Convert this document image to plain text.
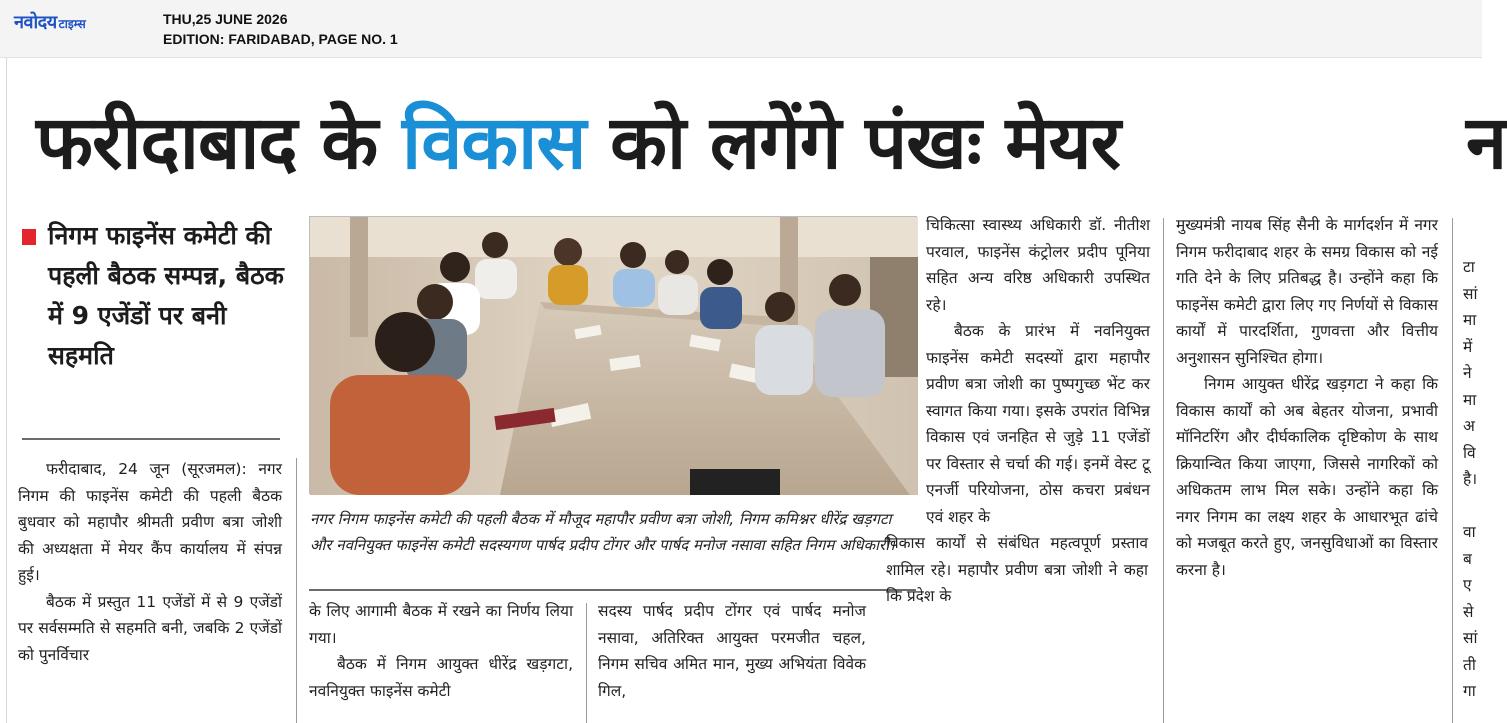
नवोदय टाइम्स	THU,25 JUNE 2026
EDITION: FARIDABAD, PAGE NO. 1
फरीदाबाद के विकास को लगेंगे पंखः मेयर	न
निगम फाइनेंस कमेटी की पहली बैठक सम्पन्न, बैठक में 9 एजेंडों पर बनी सहमति

फरीदाबाद, 24 जून (सूरजमल): नगर निगम की फाइनेंस कमेटी की पहली बैठक बुधवार को महापौर श्रीमती प्रवीण बत्रा जोशी की अध्यक्षता में मेयर कैंप कार्यालय में संपन्न हुई।

बैठक में प्रस्तुत 11 एजेंडों में से 9 एजेंडों पर सर्वसम्मति से सहमति बनी, जबकि 2 एजेंडों को पुनर्विचार

नगर निगम फाइनेंस कमेटी की पहली बैठक में मौजूद महापौर प्रवीण बत्रा जोशी, निगम कमिश्नर धीरेंद्र खड़गटा और नवनियुक्त फाइनेंस कमेटी सदस्यगण पार्षद प्रदीप टोंगर और पार्षद मनोज नसावा सहित निगम अधिकारी।

के लिए आगामी बैठक में रखने का निर्णय लिया गया।

बैठक में निगम आयुक्त धीरेंद्र खड़गटा, नवनियुक्त फाइनेंस कमेटी

सदस्य पार्षद प्रदीप टोंगर एवं पार्षद मनोज नसावा, अतिरिक्त आयुक्त परमजीत चहल, निगम सचिव अमित मान, मुख्य अभियंता विवेक गिल,

चिकित्सा स्वास्थ्य अधिकारी डॉ. नीतीश परवाल, फाइनेंस कंट्रोलर प्रदीप पूनिया सहित अन्य वरिष्ठ अधिकारी उपस्थित रहे।

बैठक के प्रारंभ में नवनियुक्त फाइनेंस कमेटी सदस्यों द्वारा महापौर प्रवीण बत्रा जोशी का पुष्पगुच्छ भेंट कर स्वागत किया गया। इसके उपरांत विभिन्न विकास एवं जनहित से जुड़े 11 एजेंडों पर विस्तार से चर्चा की गई। इनमें वेस्ट टू एनर्जी परियोजना, ठोस कचरा प्रबंधन एवं शहर के

विकास कार्यों से संबंधित महत्वपूर्ण प्रस्ताव शामिल रहे। महापौर प्रवीण बत्रा जोशी ने कहा कि प्रदेश के

मुख्यमंत्री नायब सिंह सैनी के मार्गदर्शन में नगर निगम फरीदाबाद शहर के समग्र विकास को नई गति देने के लिए प्रतिबद्ध है। उन्होंने कहा कि फाइनेंस कमेटी द्वारा लिए गए निर्णयों से विकास कार्यों में पारदर्शिता, गुणवत्ता और वित्तीय अनुशासन सुनिश्चित होगा।

निगम आयुक्त धीरेंद्र खड़गटा ने कहा कि विकास कार्यों को अब बेहतर योजना, प्रभावी मॉनिटरिंग और दीर्घकालिक दृष्टिकोण के साथ क्रियान्वित किया जाएगा, जिससे नागरिकों को अधिकतम लाभ मिल सके। उन्होंने कहा कि नगर निगम का लक्ष्य शहर के आधारभूत ढांचे को मजबूत करते हुए, जनसुविधाओं का विस्तार करना है।

टा
सां
मा
में
ने
मा
अ
वि
है।

वा
ब
ए
से
सां
ती
गा
